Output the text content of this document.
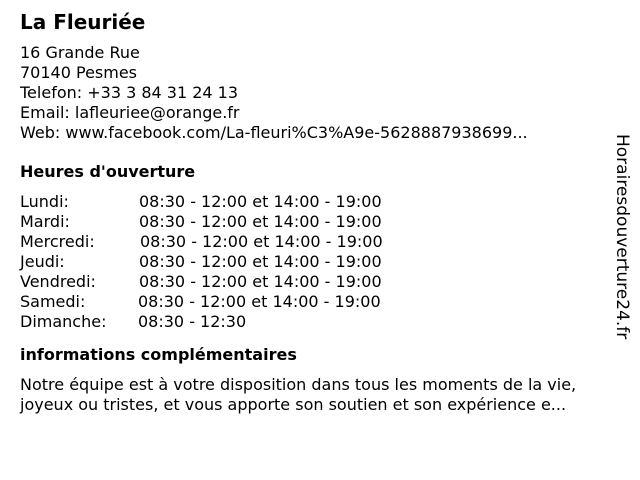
La Fleuriée
16 Grande Rue
70140 Pesmes
Telefon: +33 3 84 31 24 13
Email: lafleuriee@orange.fr
Web: www.facebook.com/La-fleuri%C3%A9e-5628887938699...
Heures d'ouverture
Lundi:	08:30 - 12:00 et 14:00 - 19:00
Mardi:	08:30 - 12:00 et 14:00 - 19:00
Mercredi:	08:30 - 12:00 et 14:00 - 19:00
Jeudi:	08:30 - 12:00 et 14:00 - 19:00
Vendredi:	08:30 - 12:00 et 14:00 - 19:00
Samedi:	08:30 - 12:00 et 14:00 - 19:00
Dimanche: 08:30 - 12:30
informations complémentaires
Notre équipe est à votre disposition dans tous les moments de la vie,
joyeux ou tristes, et vous apporte son soutien et son expérience e...
Horairesdouverture24.fr
